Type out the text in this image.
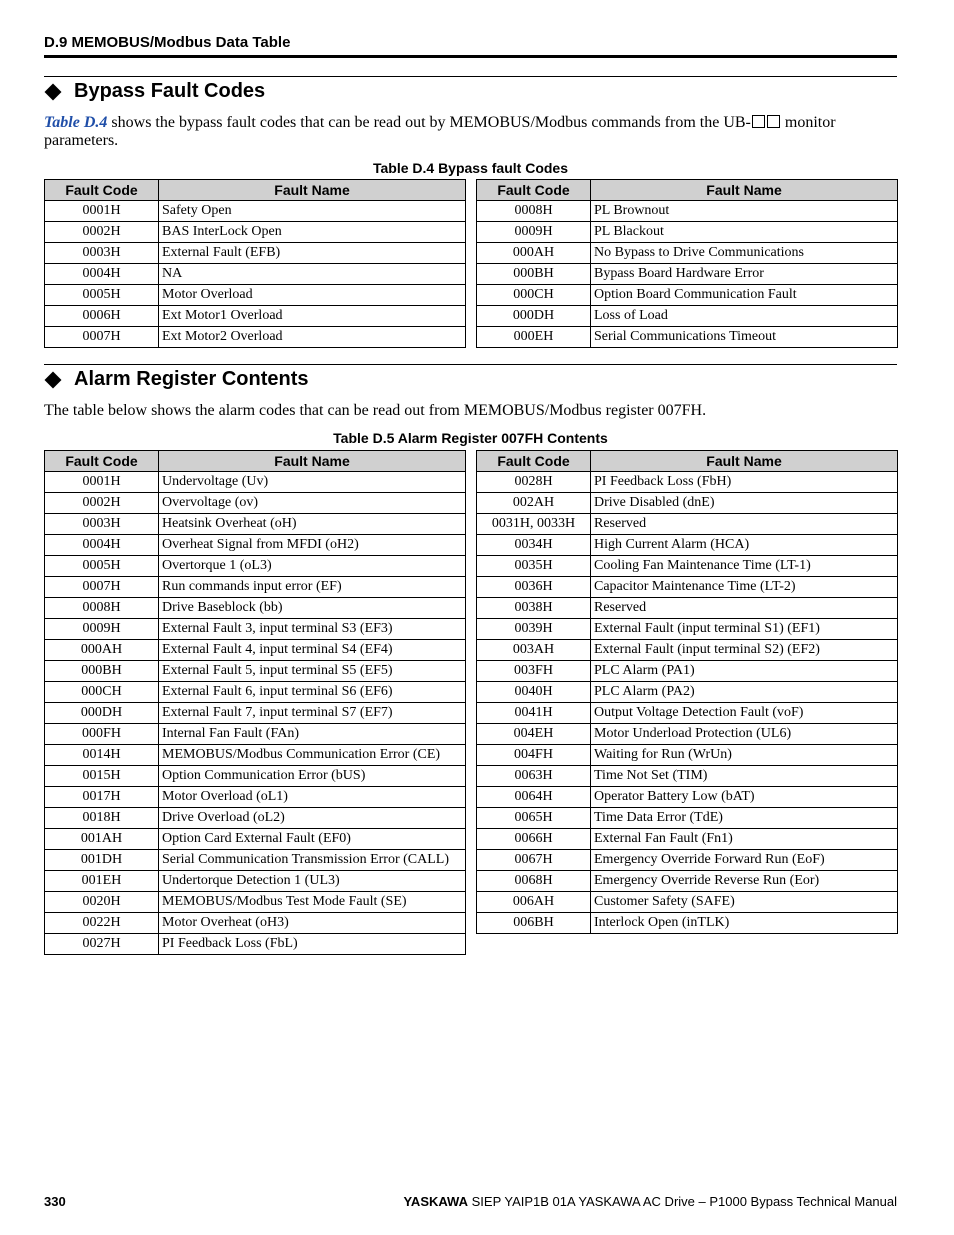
D.9 MEMOBUS/Modbus Data Table
Bypass Fault Codes
Table D.4 shows the bypass fault codes that can be read out by MEMOBUS/Modbus commands from the UB- monitor parameters.
Table D.4 Bypass fault Codes
Fault Code	Fault Name
0001H	Safety Open
0002H	BAS InterLock Open
0003H	External Fault (EFB)
0004H	NA
0005H	Motor Overload
0006H	Ext Motor1 Overload
0007H	Ext Motor2 Overload
Fault Code	Fault Name
0008H	PL Brownout
0009H	PL Blackout
000AH	No Bypass to Drive Communications
000BH	Bypass Board Hardware Error
000CH	Option Board Communication Fault
000DH	Loss of Load
000EH	Serial Communications Timeout
Alarm Register Contents
The table below shows the alarm codes that can be read out from MEMOBUS/Modbus register 007FH.
Table D.5 Alarm Register 007FH Contents
Fault Code	Fault Name
0001H	Undervoltage (Uv)
0002H	Overvoltage (ov)
0003H	Heatsink Overheat (oH)
0004H	Overheat Signal from MFDI (oH2)
0005H	Overtorque 1 (oL3)
0007H	Run commands input error (EF)
0008H	Drive Baseblock (bb)
0009H	External Fault 3, input terminal S3 (EF3)
000AH	External Fault 4, input terminal S4 (EF4)
000BH	External Fault 5, input terminal S5 (EF5)
000CH	External Fault 6, input terminal S6 (EF6)
000DH	External Fault 7, input terminal S7 (EF7)
000FH	Internal Fan Fault (FAn)
0014H	MEMOBUS/Modbus Communication Error (CE)
0015H	Option Communication Error (bUS)
0017H	Motor Overload (oL1)
0018H	Drive Overload (oL2)
001AH	Option Card External Fault (EF0)
001DH	Serial Communication Transmission Error (CALL)
001EH	Undertorque Detection 1 (UL3)
0020H	MEMOBUS/Modbus Test Mode Fault (SE)
0022H	Motor Overheat (oH3)
0027H	PI Feedback Loss (FbL)
Fault Code	Fault Name
0028H	PI Feedback Loss (FbH)
002AH	Drive Disabled (dnE)
0031H, 0033H	Reserved
0034H	High Current Alarm (HCA)
0035H	Cooling Fan Maintenance Time (LT-1)
0036H	Capacitor Maintenance Time (LT-2)
0038H	Reserved
0039H	External Fault (input terminal S1) (EF1)
003AH	External Fault (input terminal S2) (EF2)
003FH	PLC Alarm (PA1)
0040H	PLC Alarm (PA2)
0041H	Output Voltage Detection Fault (voF)
004EH	Motor Underload Protection (UL6)
004FH	Waiting for Run (WrUn)
0063H	Time Not Set (TIM)
0064H	Operator Battery Low (bAT)
0065H	Time Data Error (TdE)
0066H	External Fan Fault (Fn1)
0067H	Emergency Override Forward Run (EoF)
0068H	Emergency Override Reverse Run (Eor)
006AH	Customer Safety (SAFE)
006BH	Interlock Open (inTLK)
330	YASKAWA SIEP YAIP1B 01A YASKAWA AC Drive – P1000 Bypass Technical Manual
